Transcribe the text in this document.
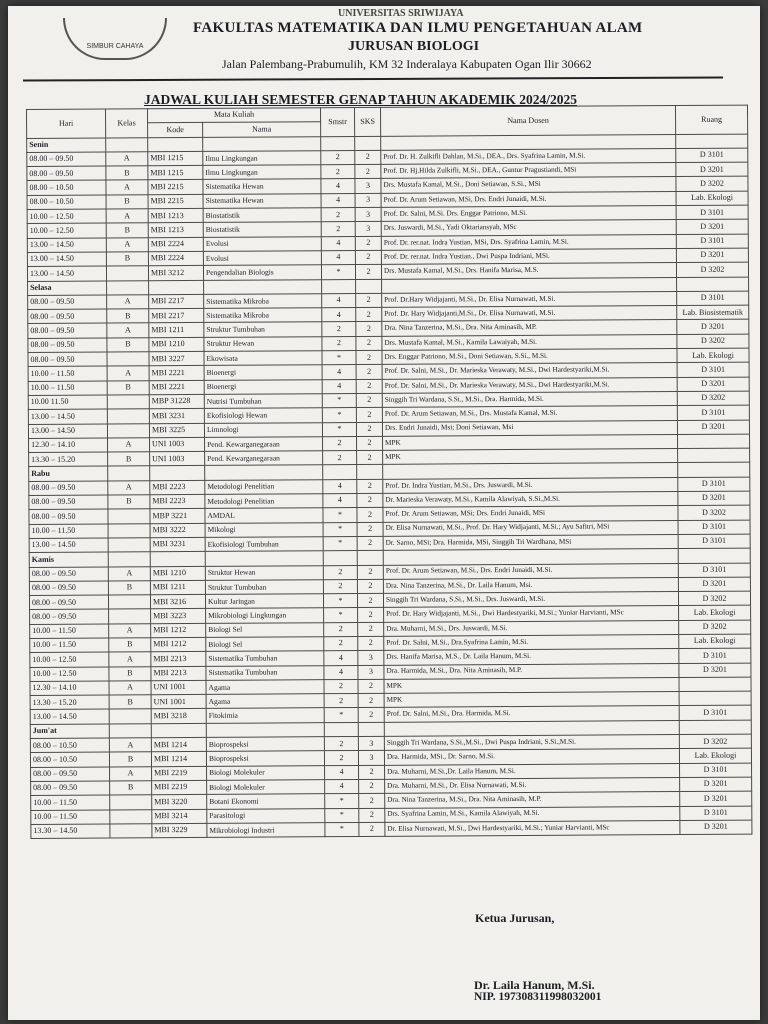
SIMBUR CAHAYA
UNIVERSITAS SRIWIJAYA
FAKULTAS MATEMATIKA DAN ILMU PENGETAHUAN ALAM
JURUSAN BIOLOGI
Jalan Palembang-Prabumulih, KM 32 Inderalaya Kabupaten Ogan Ilir 30662
JADWAL KULIAH SEMESTER GENAP TAHUN AKADEMIK 2024/2025
Hari	Kelas	Mata Kuliah		Smstr	SKS	Nama Dosen	Ruang
		Kode	Nama				
Senin							
08.00 – 09.50	A	MBI 1215	Ilmu Lingkungan	2	2	Prof. Dr. H. Zulkifli Dahlan, M.Si., DEA., Drs. Syafrina Lamin, M.Si.	D 3101
08.00 – 09.50	B	MBI 1215	Ilmu Lingkungan	2	2	Prof. Dr. Hj.Hilda Zulkifli, M.Si., DEA., Guntur Pragustiandi, MSi	D 3201
08.00 – 10.50	A	MBI 2215	Sistematika Hewan	4	3	Drs. Mustafa Kamal, M.Si., Doni Setiawan, S.Si., MSi	D 3202
08.00 – 10.50	B	MBI 2215	Sistematika Hewan	4	3	Prof. Dr. Arum Setiawan, MSi, Drs. Endri Junaidi, M.Si.	Lab. Ekologi
10.00 – 12.50	A	MBI 1213	Biostatistik	2	3	Prof. Dr. Salni, M.Si. Drs. Enggar Patriono, M.Si.	D 3101
10.00 – 12.50	B	MBI 1213	Biostatistik	2	3	Drs. Juswardi, M.Si., Yadi Oktariansyah, MSc	D 3201
13.00 – 14.50	A	MBI 2224	Evolusi	4	2	Prof. Dr. rer.nat. Indra Yustian, MSi, Drs. Syafrina Lamin, M.Si.	D 3101
13.00 – 14.50	B	MBI 2224	Evolusi	4	2	Prof. Dr. rer.nat. Indra Yustian., Dwi Puspa Indriani, MSi.	D 3201
13.00 – 14.50		MBI 3212	Pengendalian Biologis	*	2	Drs. Mustafa Kamal, M.Si., Drs. Hanifa Marisa, M.S.	D 3202
Selasa							
08.00 – 09.50	A	MBI 2217	Sistematika Mikroba	4	2	Prof. Dr.Hary Widjajanti, M.Si., Dr. Elisa Nurnawati, M.Si.	D 3101
08.00 – 09.50	B	MBI 2217	Sistematika Mikroba	4	2	Prof. Dr. Hary Widjajanti,M.Si., Dr. Elisa Nurnawati, M.Si.	Lab. Biosistematik
08.00 – 09.50	A	MBI 1211	Struktur Tumbuhan	2	2	Dra. Nina Tanzerina, M.Si., Dra. Nita Aminasih, MP.	D 3201
08.00 – 09.50	B	MBI 1210	Struktur Hewan	2	2	Drs. Mustafa Kamal, M.Si., Kamila Lawaiyah, M.Si.	D 3202
08.00 – 09.50		MBI 3227	Ekowisata	*	2	Drs. Enggar Patriono, M.Si., Doni Setiawan, S.Si., M.Si.	Lab. Ekologi
10.00 – 11.50	A	MBI 2221	Bioenergi	4	2	Prof. Dr. Salni, M.Si., Dr. Marieska Verawaty, M.Si., Dwi Hardestyariki,M.Si.	D 3101
10.00 – 11.50	B	MBI 2221	Bioenergi	4	2	Prof. Dr. Salni, M.Si., Dr. Marieska Verawaty, M.Si., Dwi Hardestyariki,M.Si.	D 3201
10.00 11.50		MBP 31228	Nutrisi Tumbuhan	*	2	Singgih Tri Wardana, S.Si., M.Si., Dra. Harmida, M.Si.	D 3202
13.00 – 14.50		MBI 3231	Ekofisiologi Hewan	*	2	Prof. Dr. Arum Setiawan, M.Si., Drs. Mustafa Kamal, M.Si.	D 3101
13.00 – 14.50		MBI 3225	Limnologi	*	2	Drs. Endri Junaidi, Msi; Doni Setiawan, Msi	D 3201
12.30 – 14.10	A	UNI 1003	Pend. Kewarganegaraan	2	2	MPK	
13.30 – 15.20	B	UNI 1003	Pend. Kewarganegaraan	2	2	MPK	
Rabu							
08.00 – 09.50	A	MBI 2223	Metodologi Penelitian	4	2	Prof. Dr. Indra Yustian, M.Si., Drs. Juswardi, M.Si.	D 3101
08.00 – 09.50	B	MBI 2223	Metodologi Penelitian	4	2	Dr. Marieska Verawaty, M.Si., Kamila Alawiyah, S.Si.,M.Si.	D 3201
08.00 – 09.50		MBP 3221	AMDAL	*	2	Prof. Dr. Arum Setiawan, MSi; Drs. Endri Junaidi, MSi	D 3202
10.00 – 11.50		MBI 3222	Mikologi	*	2	Dr. Elisa Nurnawati, M.Si., Prof. Dr. Hary Widjajanti, M.Si.; Ayu Safitri, MSi	D 3101
13.00 – 14.50		MBI 3231	Ekofisiologi Tumbuhan	*	2	Dr. Sarno, MSi; Dra. Harmida, MSi, Singgih Tri Wardhana, MSi	D 3101
Kamis							
08.00 – 09.50	A	MBI 1210	Struktur Hewan	2	2	Prof. Dr. Arum Setiawan, M.Si., Drs. Endri Junaidi, M.Si.	D 3101
08.00 – 09.50	B	MBI 1211	Struktur Tumbuhan	2	2	Dra. Nina Tanzerina, M.Si., Dr. Laila Hanum, Msi.	D 3201
08.00 – 09.50		MBI 3216	Kultur Jaringan	*	2	Singgih Tri Wardana, S.Si., M.Si., Drs. Juswardi, M.Si.	D 3202
08.00 – 09.50		MBI 3223	Mikrobiologi Lingkungan	*	2	Prof. Dr. Hary Widjajanti, M.Si., Dwi Hardestyariki, M.Si.; Yuniar Harvianti, MSc	Lab. Ekologi
10.00 – 11.50	A	MBI 1212	Biologi Sel	2	2	Dra. Muharni, M.Si., Drs. Juswardi, M.Si.	D 3202
10.00 – 11.50	B	MBI 1212	Biologi Sel	2	2	Prof. Dr. Salni, M.Si., Dra.Syafrina Lamin, M.Si.	Lab. Ekologi
10.00 – 12.50	A	MBI 2213	Sistematika Tumbuhan	4	3	Drs. Hanifa Marisa, M.S., Dr. Laila Hanum, M.Si.	D 3101
10.00 – 12.50	B	MBI 2213	Sistematika Tumbuhan	4	3	Dra. Harmida, M.Si., Dra. Nita Aminasih, M.P.	D 3201
12.30 – 14.10	A	UNI 1001	Agama	2	2	MPK	
13.30 – 15.20	B	UNI 1001	Agama	2	2	MPK	
13.00 – 14.50		MBI 3218	Fitokimia	*	2	Prof. Dr. Salni, M.Si., Dra. Harmida, M.Si.	D 3101
Jum'at							
08.00 – 10.50	A	MBI 1214	Bioprospeksi	2	3	Singgih Tri Wardana, S.Si.,M.Si., Dwi Puspa Indriani, S.Si.,M.Si.	D 3202
08.00 – 10.50	B	MBI 1214	Bioprospeksi	2	3	Dra. Harmida, MSi., Dr. Sarno, M.Si.	Lab. Ekologi
08.00 – 09.50	A	MBI 2219	Biologi Molekuler	4	2	Dra. Muharni, M.Si.,Dr. Laila Hanum, M.Si.	D 3101
08.00 – 09.50	B	MBI 2219	Biologi Molekuler	4	2	Dra. Muharni, M.Si., Dr. Elisa Nurnawati, M.Si.	D 3201
10.00 – 11.50		MBI 3220	Botani Ekonomi	*	2	Dra. Nina Tanzerina, M.Si., Dra. Nita Aminasih, M.P.	D 3201
10.00 – 11.50		MBI 3214	Parasitologi	*	2	Drs. Syafrina Lamin, M.Si., Kamila Alawiyah, M.Si.	D 3101
13.30 – 14.50		MBI 3229	Mikrobiologi Industri	*	2	Dr. Elisa Nurnawati, M.Si., Dwi Hardestyariki, M.Si.; Yuniar Harvianti, MSc	D 3201
Ketua Jurusan,
Dr. Laila Hanum, M.Si.
NIP. 197308311998032001
